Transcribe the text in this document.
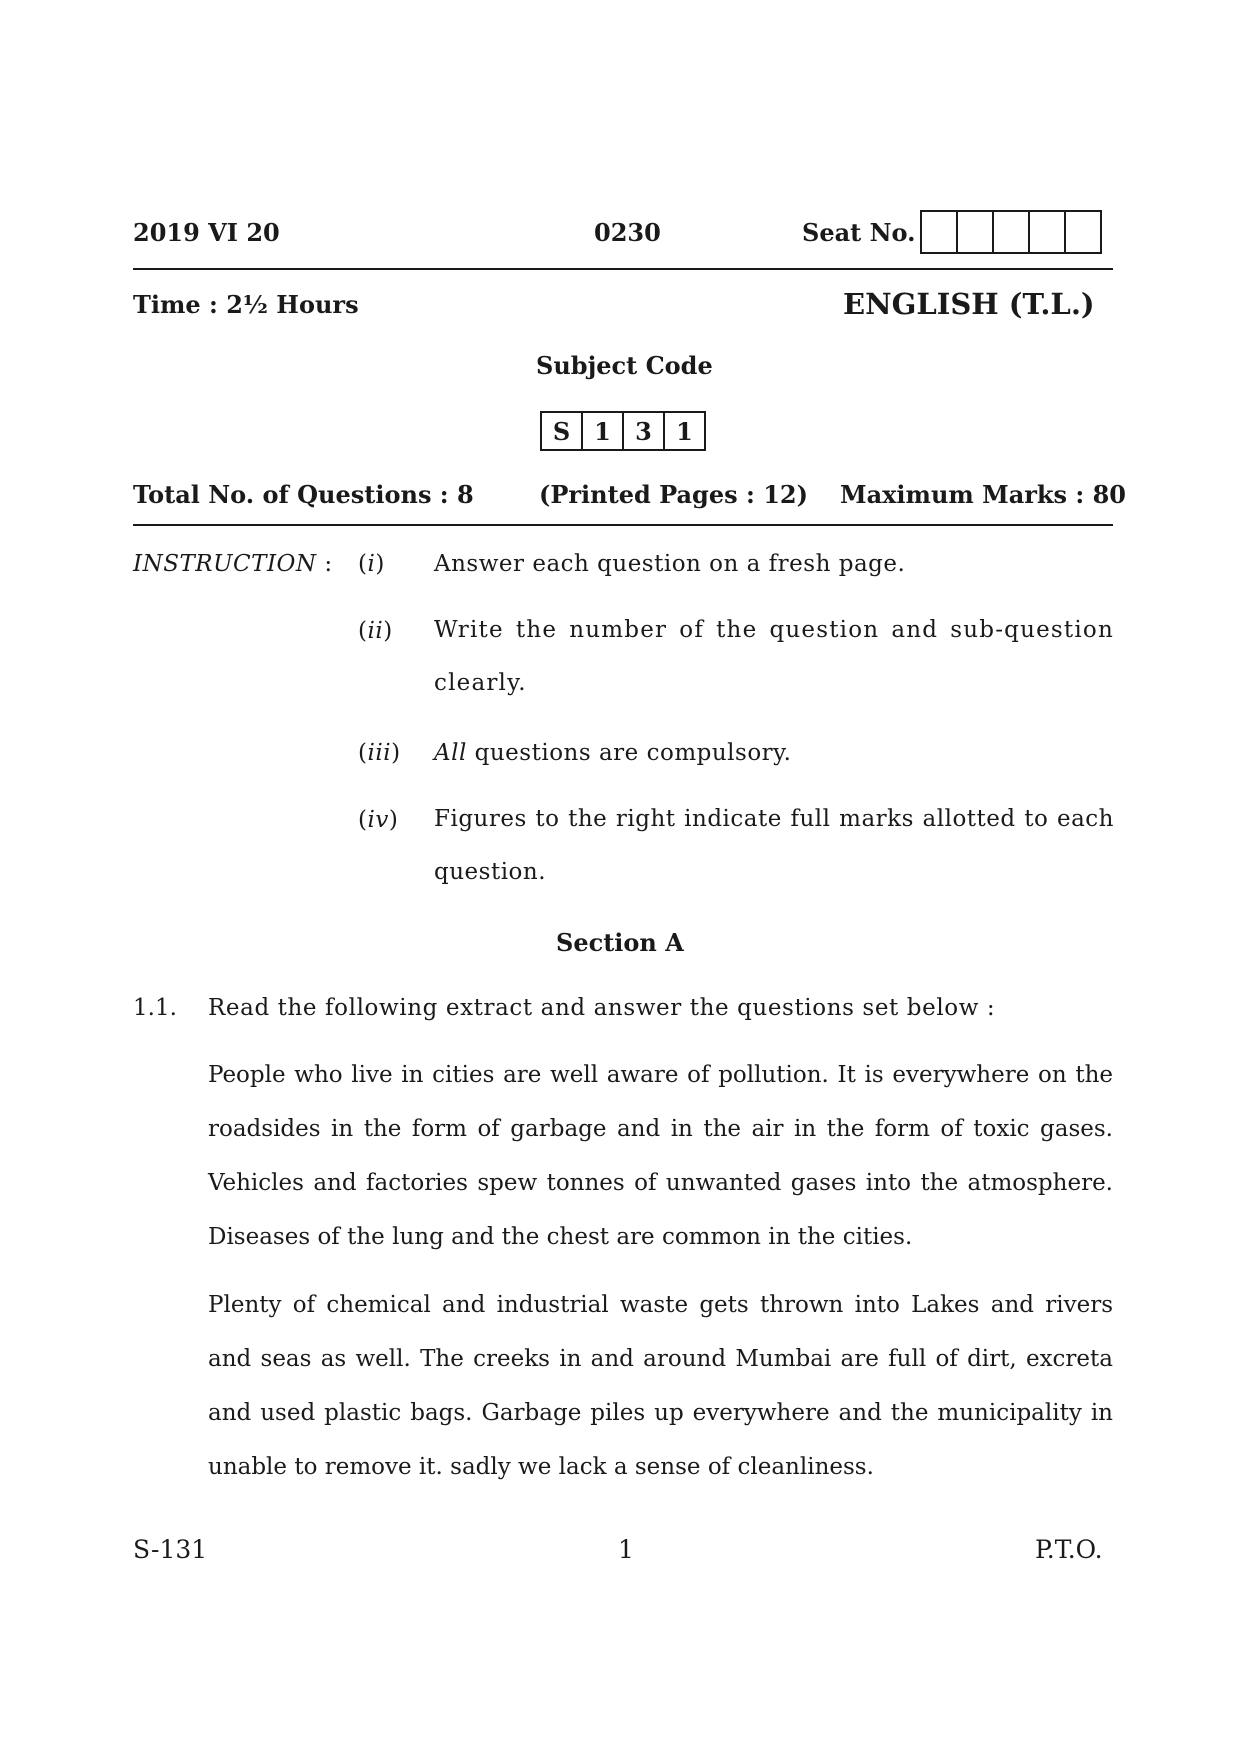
2019 VI 20	0230	Seat No.
Time : 2½ Hours	ENGLISH (T.L.)
Subject Code
S 1	3	1
Total No. of Questions : 8	(Printed Pages : 12) Maximum Marks : 80
INSTRUCTION : (i) Answer each question on a fresh page.
(ii) Write the number of the question and sub-question clearly.
(iii) All questions are compulsory.
(iv) Figures to the right indicate full marks allotted to each question.
Section A
1.1. Read the following extract and answer the questions set below :
People who live in cities are well aware of pollution. It is everywhere on the roadsides in the form of garbage and in the air in the form of toxic gases. Vehicles and factories spew tonnes of unwanted gases into the atmosphere. Diseases of the lung and the chest are common in the cities.
Plenty of chemical and industrial waste gets thrown into Lakes and rivers and seas as well. The creeks in and around Mumbai are full of dirt, excreta and used plastic bags. Garbage piles up everywhere and the municipality in unable to remove it. sadly we lack a sense of cleanliness.
S-131	1	P.T.O.
